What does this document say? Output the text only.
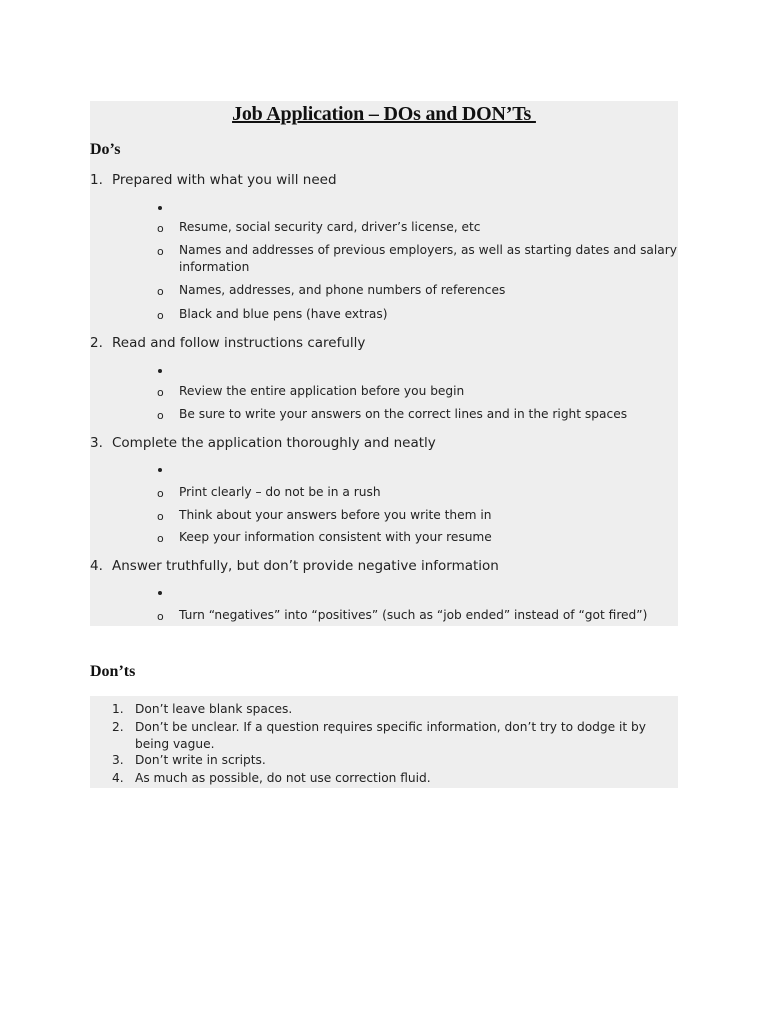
Job Application – DOs and DON’Ts
Do’s
1. Prepared with what you will need
o Resume, social security card, driver’s license, etc
o Names and addresses of previous employers, as well as starting dates and salary information
o Names, addresses, and phone numbers of references
o Black and blue pens (have extras)
2. Read and follow instructions carefully
o Review the entire application before you begin
o Be sure to write your answers on the correct lines and in the right spaces
3. Complete the application thoroughly and neatly
o Print clearly – do not be in a rush
o Think about your answers before you write them in
o Keep your information consistent with your resume
4. Answer truthfully, but don’t provide negative information
o Turn “negatives” into “positives” (such as “job ended” instead of “got fired”)
Don’ts
1. Don’t leave blank spaces.
2. Don’t be unclear. If a question requires specific information, don’t try to dodge it by being vague.
3. Don’t write in scripts.
4. As much as possible, do not use correction fluid.
